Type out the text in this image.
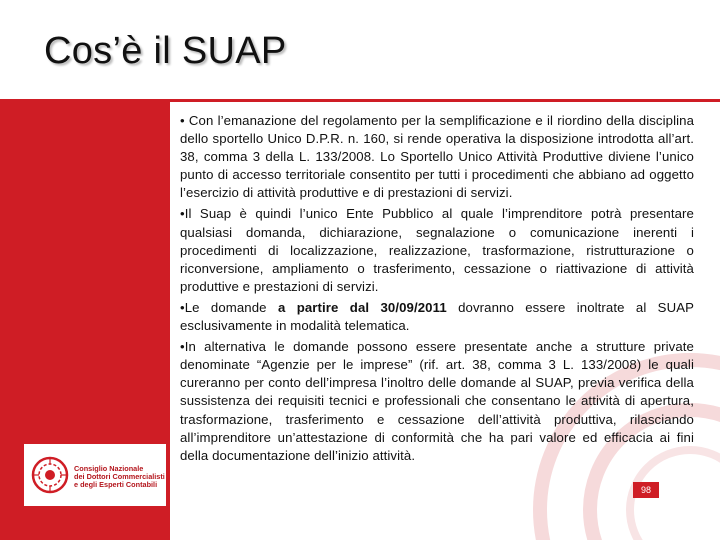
Cos’è il SUAP
Consiglio Nazionale
dei Dottori Commercialisti
e degli Esperti Contabili

• Con l’emanazione del regolamento per la semplificazione e il riordino della disciplina dello sportello Unico D.P.R. n. 160, si rende operativa la disposizione introdotta all’art. 38, comma 3 della L. 133/2008. Lo Sportello Unico Attività Produttive diviene l’unico punto di accesso territoriale consentito per tutti i procedimenti che abbiano ad oggetto l’esercizio di attività produttive e di prestazioni di servizi.

•Il Suap è quindi l’unico Ente Pubblico al quale l’imprenditore potrà presentare qualsiasi domanda, dichiarazione, segnalazione o comunicazione inerenti i procedimenti di localizzazione, realizzazione, trasformazione, ristrutturazione o riconversione, ampliamento o trasferimento, cessazione o riattivazione di attività produttive e prestazioni di servizi.

•Le domande a partire dal 30/09/2011 dovranno essere inoltrate al SUAP esclusivamente in modalità telematica.

•In alternativa le domande possono essere presentate anche a strutture private denominate “Agenzie per le imprese” (rif. art. 38, comma 3 L. 133/2008) le quali cureranno per conto dell’impresa l’inoltro delle domande al SUAP, previa verifica della sussistenza dei requisiti tecnici e professionali che consentano le attività di apertura, trasformazione, trasferimento e cessazione dell’attività produttiva, rilasciando all’imprenditore un’attestazione di conformità che ha pari valore ed efficacia ai fini della documentazione dell’inizio attività.

98
